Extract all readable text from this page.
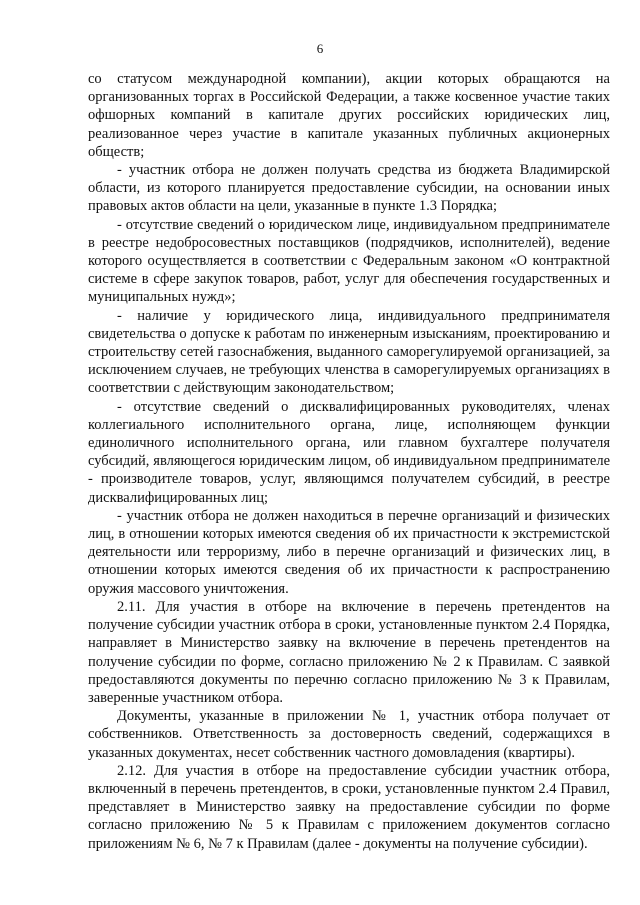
6

со статусом международной компании), акции которых обращаются на организованных торгах в Российской Федерации, а также косвенное участие таких офшорных компаний в капитале других российских юридических лиц, реализованное через участие в капитале указанных публичных акционерных обществ;

- участник отбора не должен получать средства из бюджета Владимирской области, из которого планируется предоставление субсидии, на основании иных правовых актов области на цели, указанные в пункте 1.3 Порядка;

- отсутствие сведений о юридическом лице, индивидуальном предпринимателе в реестре недобросовестных поставщиков (подрядчиков, исполнителей), ведение которого осуществляется в соответствии с Федеральным законом «О контрактной системе в сфере закупок товаров, работ, услуг для обеспечения государственных и муниципальных нужд»;

- наличие у юридического лица, индивидуального предпринимателя свидетельства о допуске к работам по инженерным изысканиям, проектированию и строительству сетей газоснабжения, выданного саморегулируемой организацией, за исключением случаев, не требующих членства в саморегулируемых организациях в соответствии с действующим законодательством;

- отсутствие сведений о дисквалифицированных руководителях, членах коллегиального исполнительного органа, лице, исполняющем функции единоличного исполнительного органа, или главном бухгалтере получателя субсидий, являющегося юридическим лицом, об индивидуальном предпринимателе - производителе товаров, услуг, являющимся получателем субсидий, в реестре дисквалифицированных лиц;

- участник отбора не должен находиться в перечне организаций и физических лиц, в отношении которых имеются сведения об их причастности к экстремистской деятельности или терроризму, либо в перечне организаций и физических лиц, в отношении которых имеются сведения об их причастности к распространению оружия массового уничтожения.

2.11. Для участия в отборе на включение в перечень претендентов на получение субсидии участник отбора в сроки, установленные пунктом 2.4 Порядка, направляет в Министерство заявку на включение в перечень претендентов на получение субсидии по форме, согласно приложению № 2 к Правилам. С заявкой предоставляются документы по перечню согласно приложению № 3 к Правилам, заверенные участником отбора.

Документы, указанные в приложении № 1, участник отбора получает от собственников. Ответственность за достоверность сведений, содержащихся в указанных документах, несет собственник частного домовладения (квартиры).

2.12. Для участия в отборе на предоставление субсидии участник отбора, включенный в перечень претендентов, в сроки, установленные пунктом 2.4 Правил, представляет в Министерство заявку на предоставление субсидии по форме согласно приложению № 5 к Правилам с приложением документов согласно приложениям № 6, № 7 к Правилам (далее - документы на получение субсидии).
